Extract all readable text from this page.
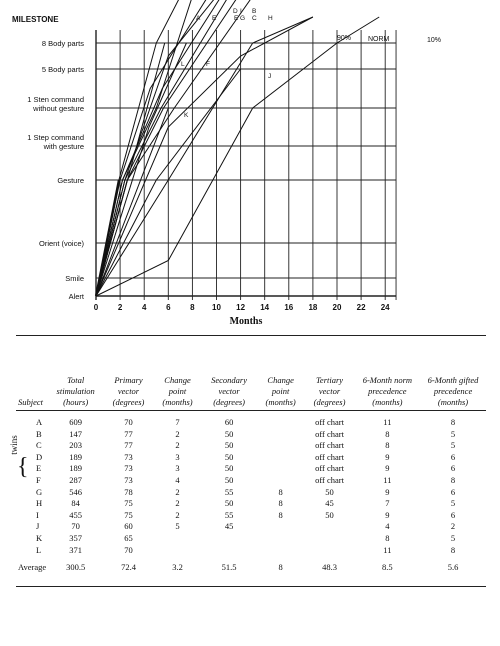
Alert
Smile
Orient (voice)
Gesture
1 Step command
with gesture
1 Sten command
without gesture
5 Body parts
8 Body parts
0 2 4 6 8 10 12 14 16 18 20 22 24
A E
D I
E G
B
C H
L
J
K
F
90% NORM	10%
MILESTONE
Months
Subject	Total stimulation (hours)	Primary vector (degrees)	Change point (months)	Secondary vector (degrees)	Change point (months)	Tertiary vector (degrees)	6-Month norm precedence (months)	6-Month gifted precedence (months)

A	609	70	7	60		off chart	11	8
B	147	77	2	50		off chart	8	5
C	203	77	2	50		off chart	8	5
D	189	73	3	50		off chart	9	6
E	189	73	3	50		off chart	9	6
F	287	73	4	50		off chart	11	8
G	546	78	2	55	8	50	9	6
H	84	75	2	50	8	45	7	5
I	455	75	2	55	8	50	9	6
J	70	60	5	45			4	2
K	357	65					8	5
L	371	70					11	8

Average	300.5	72.4	3.2	51.5	8	48.3	8.5	5.6
twins
{
